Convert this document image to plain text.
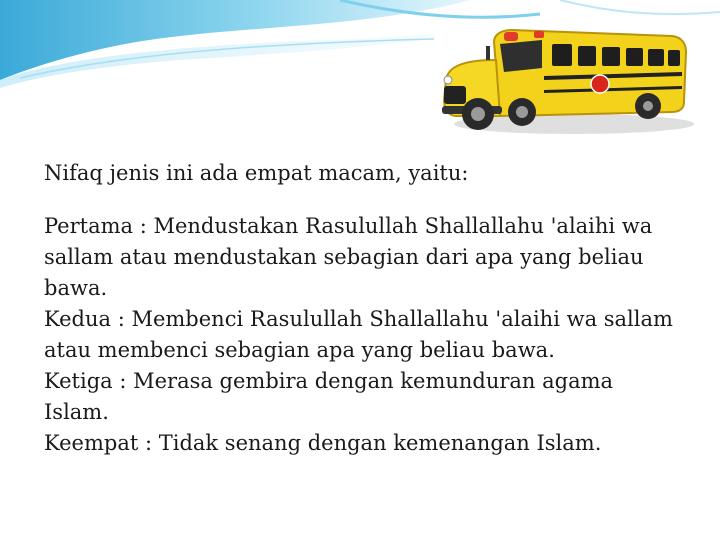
Nifaq jenis ini ada empat macam, yaitu:

Pertama : Mendustakan Rasulullah Shallallahu 'alaihi wa sallam atau mendustakan sebagian dari apa yang beliau bawa.

Kedua : Membenci Rasulullah Shallallahu 'alaihi wa sallam atau membenci sebagian apa yang beliau bawa.

Ketiga : Merasa gembira dengan kemunduran agama Islam.

Keempat : Tidak senang dengan kemenangan Islam.
